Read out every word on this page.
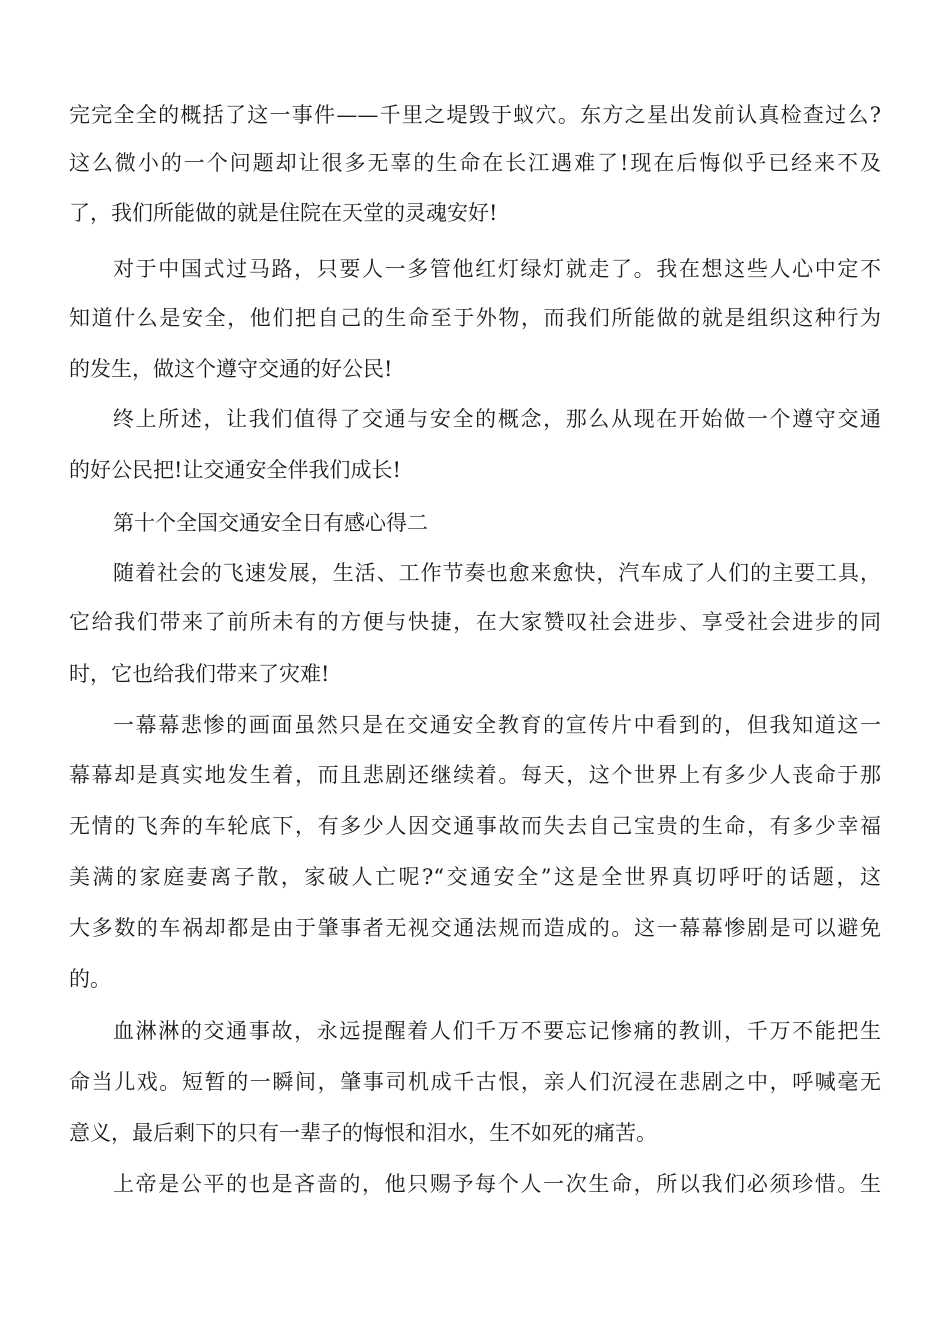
完完全全的概括了这一事件——千里之堤毁于蚁穴。东方之星出发前认真检查过么?
这么微小的一个问题却让很多无辜的生命在长江遇难了!现在后悔似乎已经来不及
了，我们所能做的就是住院在天堂的灵魂安好!
对于中国式过马路，只要人一多管他红灯绿灯就走了。我在想这些人心中定不
知道什么是安全，他们把自己的生命至于外物，而我们所能做的就是组织这种行为
的发生，做这个遵守交通的好公民!
终上所述，让我们值得了交通与安全的概念，那么从现在开始做一个遵守交通
的好公民把!让交通安全伴我们成长!
第十个全国交通安全日有感心得二
随着社会的飞速发展，生活、工作节奏也愈来愈快，汽车成了人们的主要工具，
它给我们带来了前所未有的方便与快捷，在大家赞叹社会进步、享受社会进步的同
时，它也给我们带来了灾难!
一幕幕悲惨的画面虽然只是在交通安全教育的宣传片中看到的，但我知道这一
幕幕却是真实地发生着，而且悲剧还继续着。每天，这个世界上有多少人丧命于那
无情的飞奔的车轮底下，有多少人因交通事故而失去自己宝贵的生命，有多少幸福
美满的家庭妻离子散，家破人亡呢?“交通安全”这是全世界真切呼吁的话题，这
大多数的车祸却都是由于肇事者无视交通法规而造成的。这一幕幕惨剧是可以避免
的。
血淋淋的交通事故，永远提醒着人们千万不要忘记惨痛的教训，千万不能把生
命当儿戏。短暂的一瞬间，肇事司机成千古恨，亲人们沉浸在悲剧之中，呼喊毫无
意义，最后剩下的只有一辈子的悔恨和泪水，生不如死的痛苦。
上帝是公平的也是吝啬的，他只赐予每个人一次生命，所以我们必须珍惜。生
